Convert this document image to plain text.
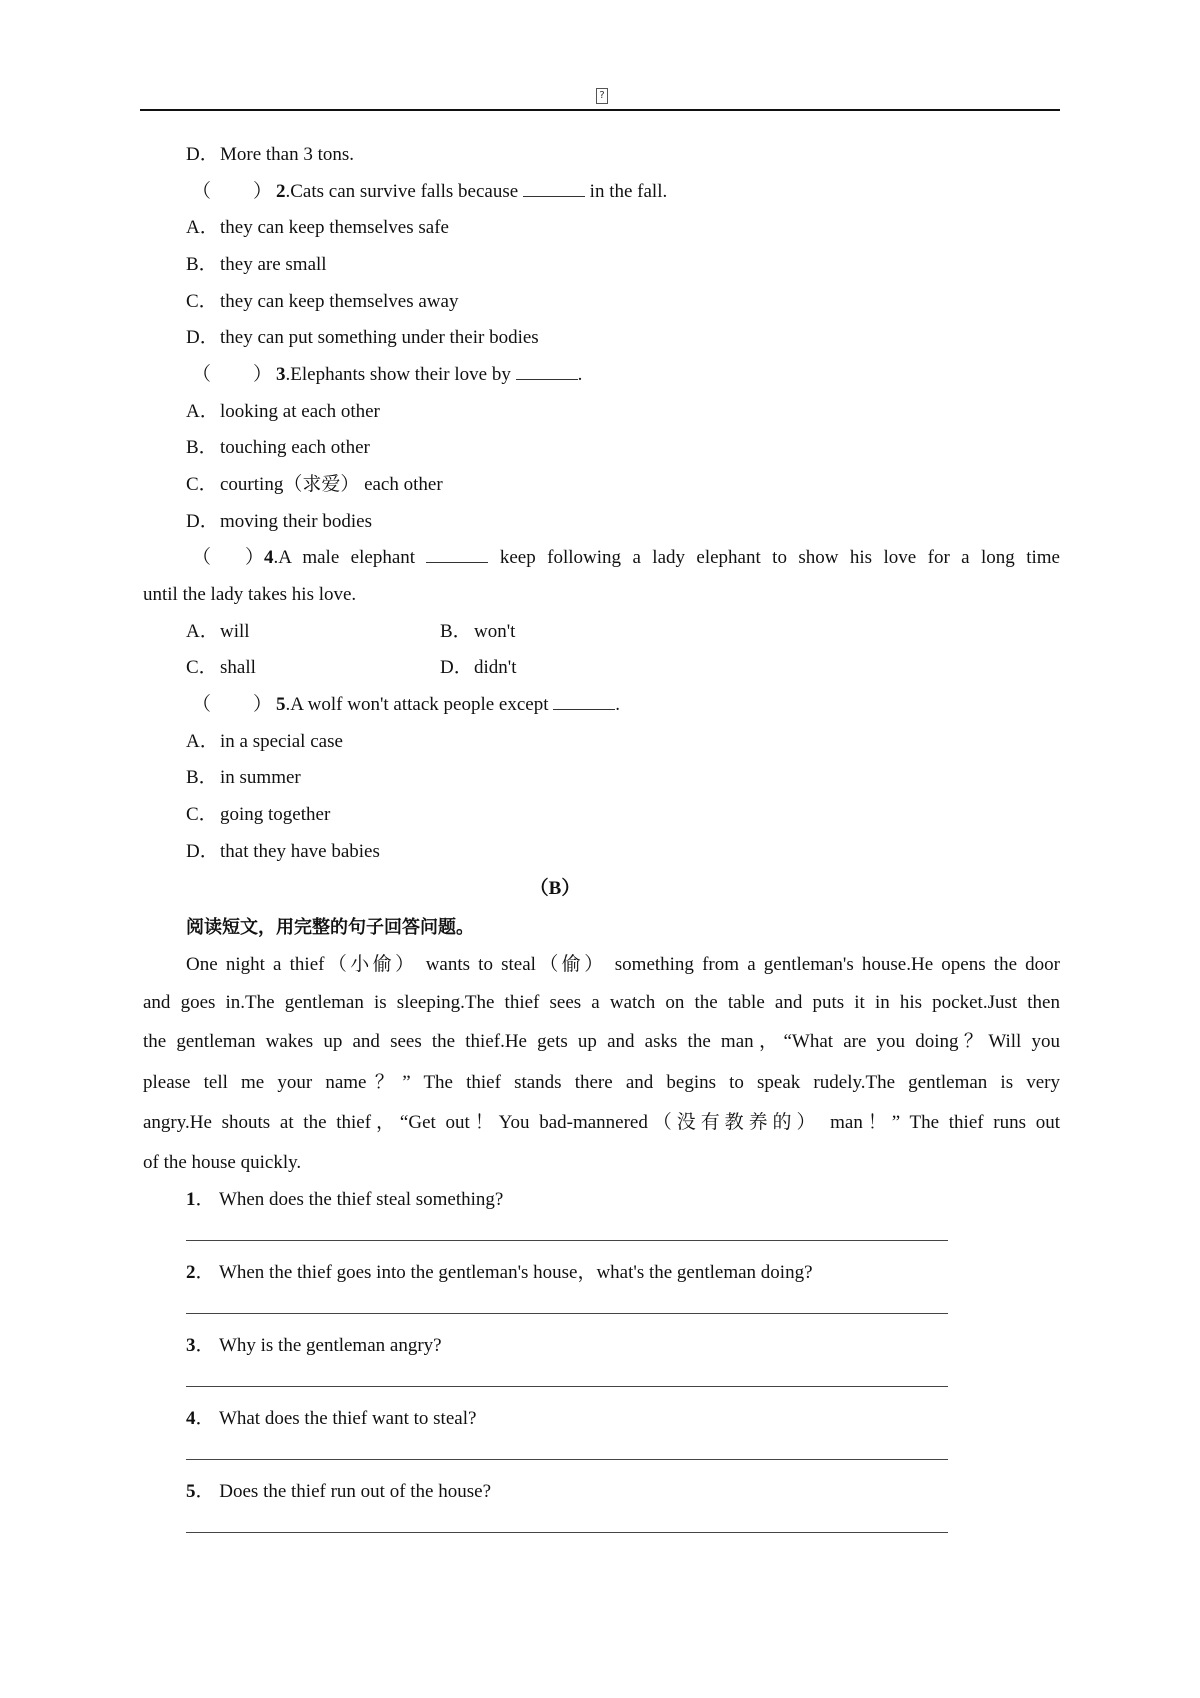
?
D．More than 3 tons.
（ ） 2.Cats can survive falls because	in the fall.
A．they can keep themselves safe
B． they are small
C． they can keep themselves away
D．they can put something under their bodies
（ ） 3.Elephants show their love by	.
A．looking at each other
B． touching each other
C． courting（求爱） each other
D．moving their bodies
（ ）4.A male elephant	keep following a lady elephant to show his love for a long time
until the lady takes his love.
A．will	B． won't
C． shall	D．didn't
（ ） 5.A wolf won't attack people except	.
A．in a special case
B． in summer
C． going together
D．that they have babies
（B）
阅读短文，用完整的句子回答问题。
One night a thief（小偷） wants to steal（偷） something from a gentleman's house.He opens the door
and goes in.The gentleman is sleeping.The thief sees a watch on the table and puts it in his pocket.Just then
the gentleman wakes up and sees the thief.He gets up and asks the man，“What are you doing？Will you
please tell me your name？” The thief stands there and begins to speak rudely.The gentleman is very
angry.He shouts at the thief，“Get out！You bad-mannered（没有教养的） man！” The thief runs out
of the house quickly.
1． When does the thief steal something?
2． When the thief goes into the gentleman's house，what's the gentleman doing?
3． Why is the gentleman angry?
4． What does the thief want to steal?
5． Does the thief run out of the house?
